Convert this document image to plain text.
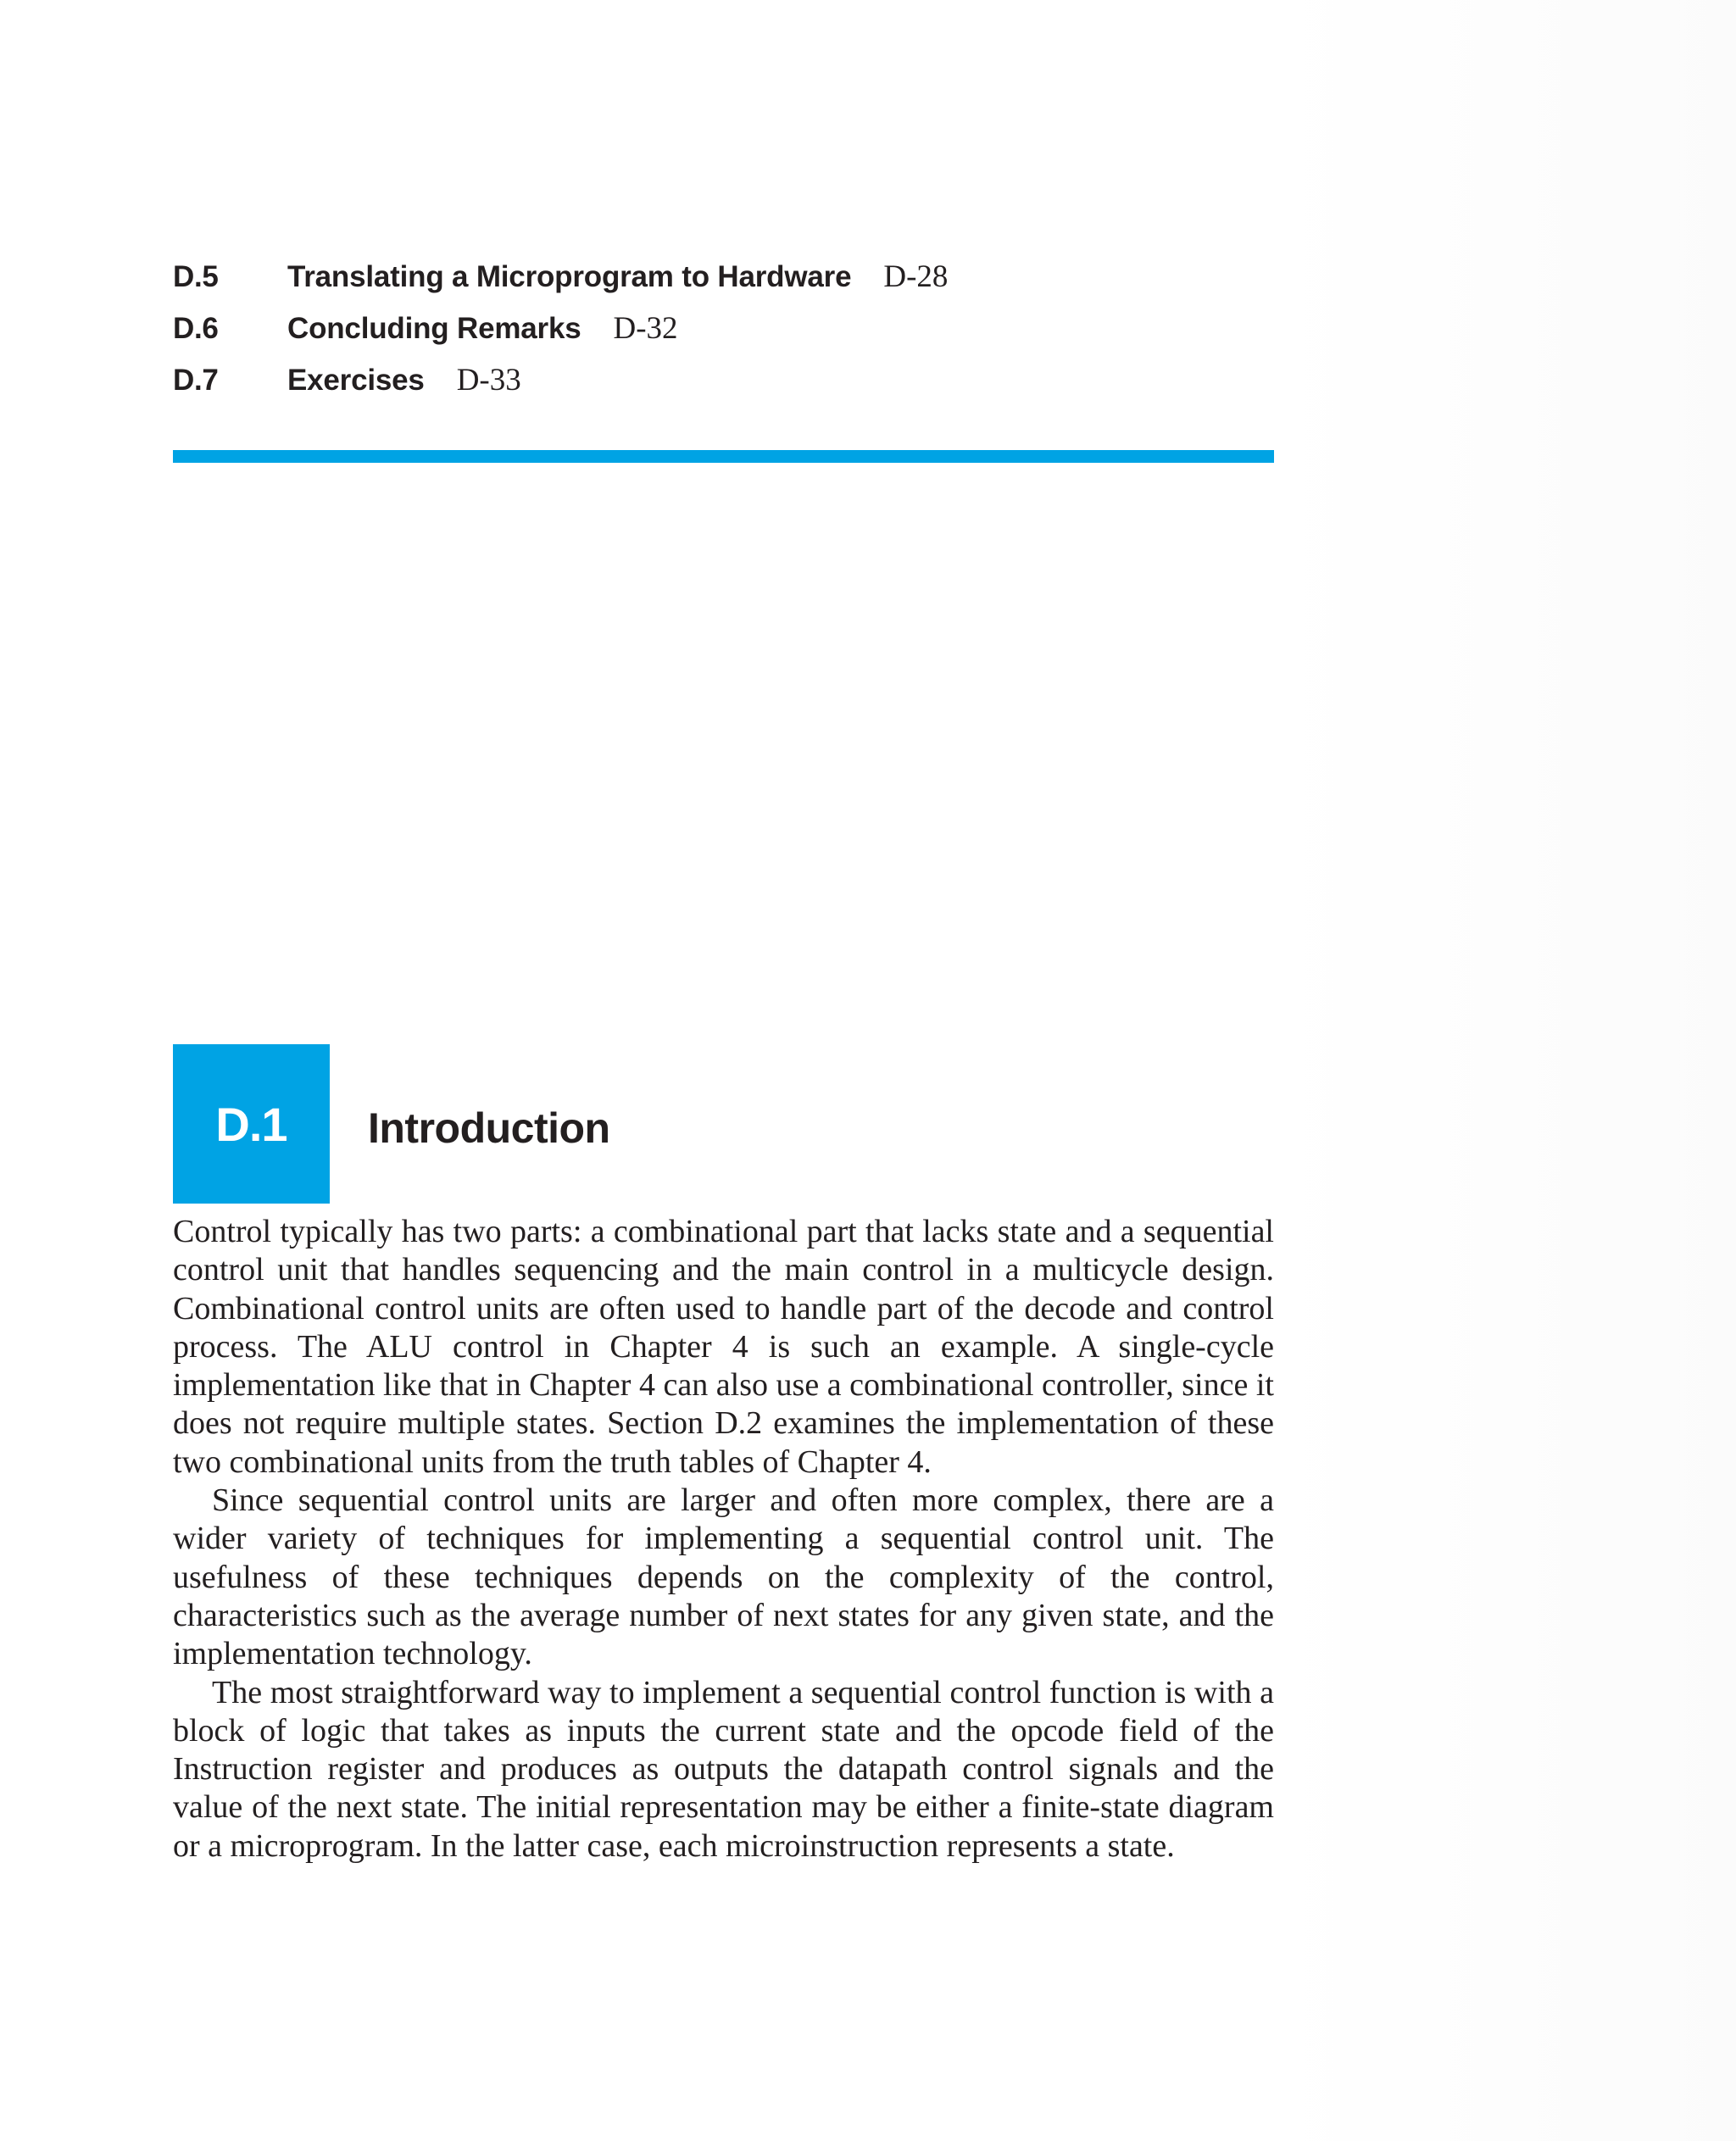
D.5	Translating a Microprogram to Hardware D-28
D.6	Concluding Remarks D-32
D.7	Exercises D-33
D.1 Introduction

Control typically has two parts: a combinational part that lacks state and a sequential control unit that handles sequencing and the main control in a multicycle design. Combinational control units are often used to handle part of the decode and control process. The ALU control in Chapter 4 is such an example. A single-cycle implementation like that in Chapter 4 can also use a combinational controller, since it does not require multiple states. Section D.2 examines the implementation of these two combinational units from the truth tables of Chapter 4.

Since sequential control units are larger and often more complex, there are a wider variety of techniques for implementing a sequential control unit. The usefulness of these techniques depends on the complexity of the control, characteristics such as the average number of next states for any given state, and the implementation technology.

The most straightforward way to implement a sequential control function is with a block of logic that takes as inputs the current state and the opcode field of the Instruction register and produces as outputs the datapath control signals and the value of the next state. The initial representation may be either a finite-state diagram or a microprogram. In the latter case, each microinstruction represents a state.
